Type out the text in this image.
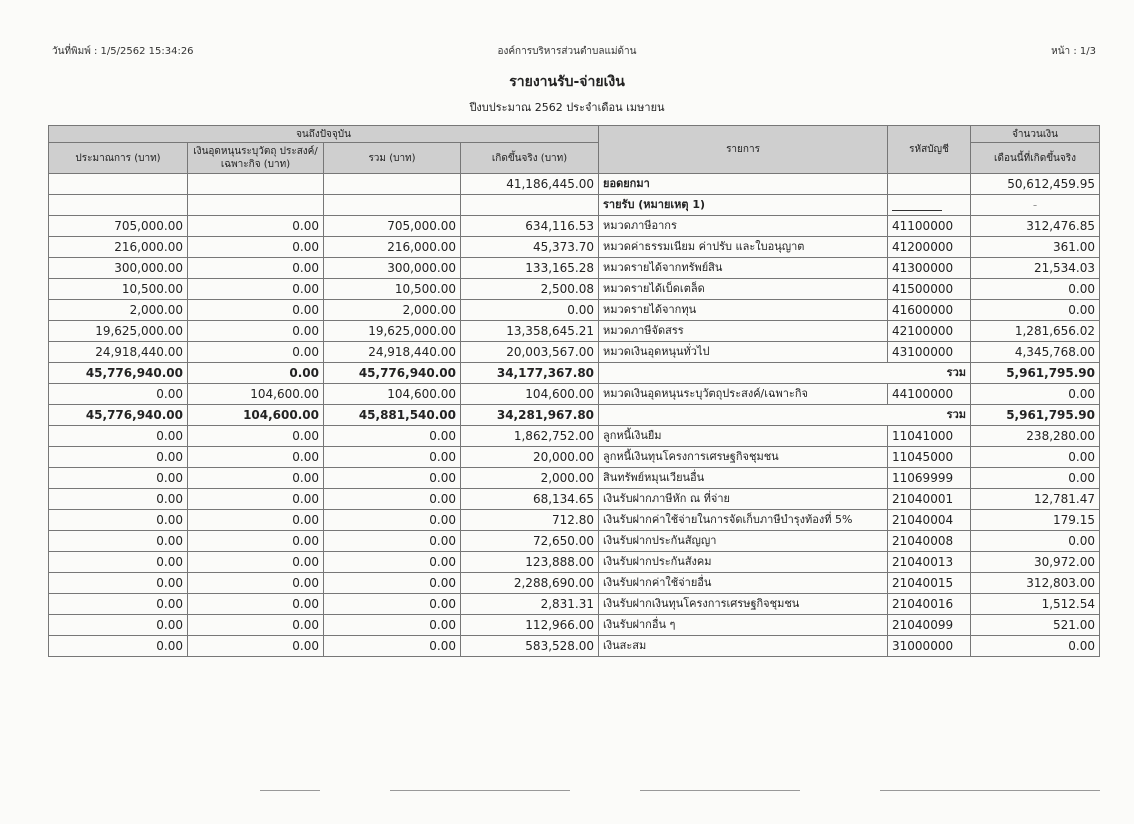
วันที่พิมพ์ : 1/5/2562 15:34:26	องค์การบริหารส่วนตำบลแม่ด้าน	หน้า : 1/3
รายงานรับ-จ่ายเงิน
ปีงบประมาณ 2562 ประจำเดือน เมษายน
จนถึงปัจจุบัน				รายการ	รหัสบัญชี	จำนวนเงิน
ประมาณการ (บาท)	เงินอุดหนุนระบุวัตถุ ประสงค์/เฉพาะกิจ (บาท)	รวม (บาท)	เกิดขึ้นจริง (บาท)			เดือนนี้ที่เกิดขึ้นจริง
			41,186,445.00	ยอดยกมา		50,612,459.95
				รายรับ (หมายเหตุ 1)		-
705,000.00	0.00	705,000.00	634,116.53	หมวดภาษีอากร	41100000	312,476.85
216,000.00	0.00	216,000.00	45,373.70	หมวดค่าธรรมเนียม ค่าปรับ และใบอนุญาต	41200000	361.00
300,000.00	0.00	300,000.00	133,165.28	หมวดรายได้จากทรัพย์สิน	41300000	21,534.03
10,500.00	0.00	10,500.00	2,500.08	หมวดรายได้เบ็ดเตล็ด	41500000	0.00
2,000.00	0.00	2,000.00	0.00	หมวดรายได้จากทุน	41600000	0.00
19,625,000.00	0.00	19,625,000.00	13,358,645.21	หมวดภาษีจัดสรร	42100000	1,281,656.02
24,918,440.00	0.00	24,918,440.00	20,003,567.00	หมวดเงินอุดหนุนทั่วไป	43100000	4,345,768.00
45,776,940.00	0.00	45,776,940.00	34,177,367.80	รวม		5,961,795.90
0.00	104,600.00	104,600.00	104,600.00	หมวดเงินอุดหนุนระบุวัตถุประสงค์/เฉพาะกิจ	44100000	0.00
45,776,940.00	104,600.00	45,881,540.00	34,281,967.80	รวม		5,961,795.90
0.00	0.00	0.00	1,862,752.00	ลูกหนี้เงินยืม	11041000	238,280.00
0.00	0.00	0.00	20,000.00	ลูกหนี้เงินทุนโครงการเศรษฐกิจชุมชน	11045000	0.00
0.00	0.00	0.00	2,000.00	สินทรัพย์หมุนเวียนอื่น	11069999	0.00
0.00	0.00	0.00	68,134.65	เงินรับฝากภาษีหัก ณ ที่จ่าย	21040001	12,781.47
0.00	0.00	0.00	712.80	เงินรับฝากค่าใช้จ่ายในการจัดเก็บภาษีบำรุงท้องที่ 5%	21040004	179.15
0.00	0.00	0.00	72,650.00	เงินรับฝากประกันสัญญา	21040008	0.00
0.00	0.00	0.00	123,888.00	เงินรับฝากประกันสังคม	21040013	30,972.00
0.00	0.00	0.00	2,288,690.00	เงินรับฝากค่าใช้จ่ายอื่น	21040015	312,803.00
0.00	0.00	0.00	2,831.31	เงินรับฝากเงินทุนโครงการเศรษฐกิจชุมชน	21040016	1,512.54
0.00	0.00	0.00	112,966.00	เงินรับฝากอื่น ๆ	21040099	521.00
0.00	0.00	0.00	583,528.00	เงินสะสม	31000000	0.00
